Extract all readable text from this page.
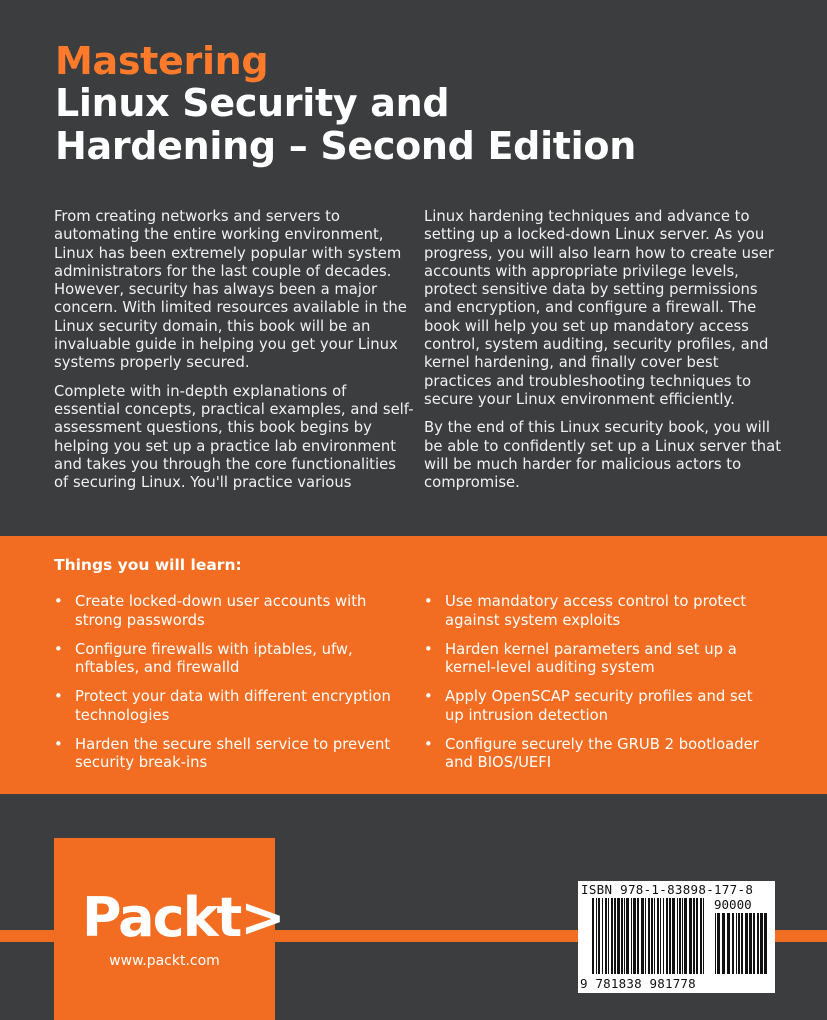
Mastering
Linux Security and
Hardening – Second Edition

From creating networks and servers to automating the entire working environment, Linux has been extremely popular with system administrators for the last couple of decades. However, security has always been a major concern. With limited resources available in the Linux security domain, this book will be an invaluable guide in helping you get your Linux systems properly secured.

Complete with in-depth explanations of essential concepts, practical examples, and self-assessment questions, this book begins by helping you set up a practice lab environment and takes you through the core functionalities of securing Linux. You'll practice various

Linux hardening techniques and advance to setting up a locked-down Linux server. As you progress, you will also learn how to create user accounts with appropriate privilege levels, protect sensitive data by setting permissions and encryption, and configure a firewall. The book will help you set up mandatory access control, system auditing, security profiles, and kernel hardening, and finally cover best practices and troubleshooting techniques to secure your Linux environment efficiently.

By the end of this Linux security book, you will be able to confidently set up a Linux server that will be much harder for malicious actors to compromise.

Things you will learn:
• Create locked-down user accounts with strong passwords
• Configure firewalls with iptables, ufw, nftables, and firewalld
• Protect your data with different encryption technologies
• Harden the secure shell service to prevent security break-ins
• Use mandatory access control to protect against system exploits
• Harden kernel parameters and set up a kernel-level auditing system
• Apply OpenSCAP security profiles and set up intrusion detection
• Configure securely the GRUB 2 bootloader and BIOS/UEFI
Packt>
www.packt.com
ISBN 978-1-83898-177-8
90000
9 781838 981778
